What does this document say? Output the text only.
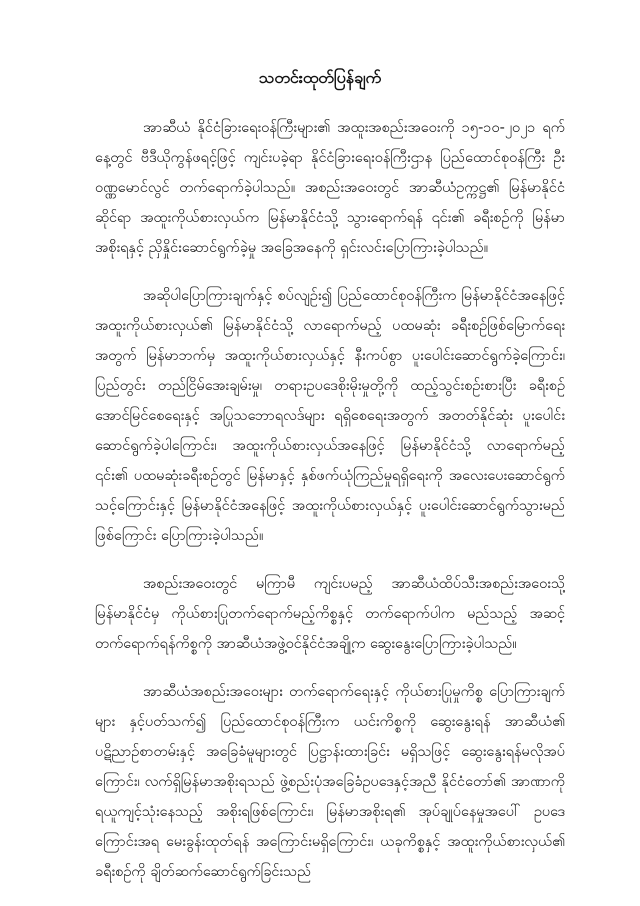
သတင်းထုတ်ပြန်ချက်

အာဆီယံ နိုင်ငံခြားရေးဝန်ကြီးများ၏ အထူးအစည်းအဝေးကို ၁၅-၁၀-၂၀၂၁ ရက်နေ့တွင် ဗီဒီယိုကွန်ဖရင့်ဖြင့် ကျင်းပခဲ့ရာ နိုင်ငံခြားရေးဝန်ကြီးဌာန ပြည်ထောင်စုဝန်ကြီး ဦးဝဏ္ဏမောင်လွင် တက်ရောက်ခဲ့ပါသည်။ အစည်းအဝေးတွင် အာဆီယံဥက္ကဋ္ဌ၏ မြန်မာနိုင်ငံဆိုင်ရာ အထူးကိုယ်စားလှယ်က မြန်မာနိုင်ငံသို့ သွားရောက်ရန် ၎င်း၏ ခရီးစဉ်ကို မြန်မာအစိုးရနှင့် ညှိနှိုင်းဆောင်ရွက်ခဲ့မှု အခြေအနေကို ရှင်းလင်းပြောကြားခဲ့ပါသည်။

အဆိုပါပြောကြားချက်နှင့် စပ်လျဉ်း၍ ပြည်ထောင်စုဝန်ကြီးက မြန်မာနိုင်ငံအနေဖြင့် အထူးကိုယ်စားလှယ်၏ မြန်မာနိုင်ငံသို့ လာရောက်မည့် ပထမဆုံး ခရီးစဉ်ဖြစ်မြောက်ရေးအတွက် မြန်မာဘက်မှ အထူးကိုယ်စားလှယ်နှင့် နီးကပ်စွာ ပူးပေါင်းဆောင်ရွက်ခဲ့ကြောင်း၊ ပြည်တွင်း တည်ငြိမ်အေးချမ်းမှု၊ တရားဥပဒေစိုးမိုးမှုတို့ကို ထည့်သွင်းစဉ်းစားပြီး ခရီးစဉ်အောင်မြင်စေရေးနှင့် အပြုသဘောရလဒ်များ ရရှိစေရေးအတွက် အတတ်နိုင်ဆုံး ပူးပေါင်းဆောင်ရွက်ခဲ့ပါကြောင်း၊ အထူးကိုယ်စားလှယ်အနေဖြင့် မြန်မာနိုင်ငံသို့ လာရောက်မည့် ၎င်း၏ ပထမဆုံးခရီးစဉ်တွင် မြန်မာနှင့် နှစ်ဖက်ယုံကြည်မှုရရှိရေးကို အလေးပေးဆောင်ရွက်သင့်ကြောင်းနှင့် မြန်မာနိုင်ငံအနေဖြင့် အထူးကိုယ်စားလှယ်နှင့် ပူးပေါင်းဆောင်ရွက်သွားမည်ဖြစ်ကြောင်း ပြောကြားခဲ့ပါသည်။

အစည်းအဝေးတွင် မကြာမီ ကျင်းပမည့် အာဆီယံထိပ်သီးအစည်းအဝေးသို့ မြန်မာနိုင်ငံမှ ကိုယ်စားပြုတက်ရောက်မည့်ကိစ္စနှင့် တက်ရောက်ပါက မည်သည့် အဆင့် တက်ရောက်ရန်ကိစ္စကို အာဆီယံအဖွဲ့ဝင်နိုင်ငံအချို့က ဆွေးနွေးပြောကြားခဲ့ပါသည်။

အာဆီယံအစည်းအဝေးများ တက်ရောက်ရေးနှင့် ကိုယ်စားပြုမှုကိစ္စ ပြောကြားချက်များ နှင့်ပတ်သက်၍ ပြည်ထောင်စုဝန်ကြီးက ယင်းကိစ္စကို ဆွေးနွေးရန် အာဆီယံ၏ ပဋိညာဉ်စာတမ်းနှင့် အခြေခံမူများတွင် ပြဋ္ဌာန်းထားခြင်း မရှိသဖြင့် ဆွေးနွေးရန်မလိုအပ်ကြောင်း၊ လက်ရှိမြန်မာအစိုးရသည် ဖွဲ့စည်းပုံအခြေခံဥပဒေနှင့်အညီ နိုင်ငံတော်၏ အာဏာကို ရယူကျင့်သုံးနေသည့် အစိုးရဖြစ်ကြောင်း၊ မြန်မာအစိုးရ၏ အုပ်ချုပ်နေမှုအပေါ် ဥပဒေကြောင်းအရ မေးခွန်းထုတ်ရန် အကြောင်းမရှိကြောင်း၊ ယခုကိစ္စနှင့် အထူးကိုယ်စားလှယ်၏ ခရီးစဉ်ကို ချိတ်ဆက်ဆောင်ရွက်ခြင်းသည်
